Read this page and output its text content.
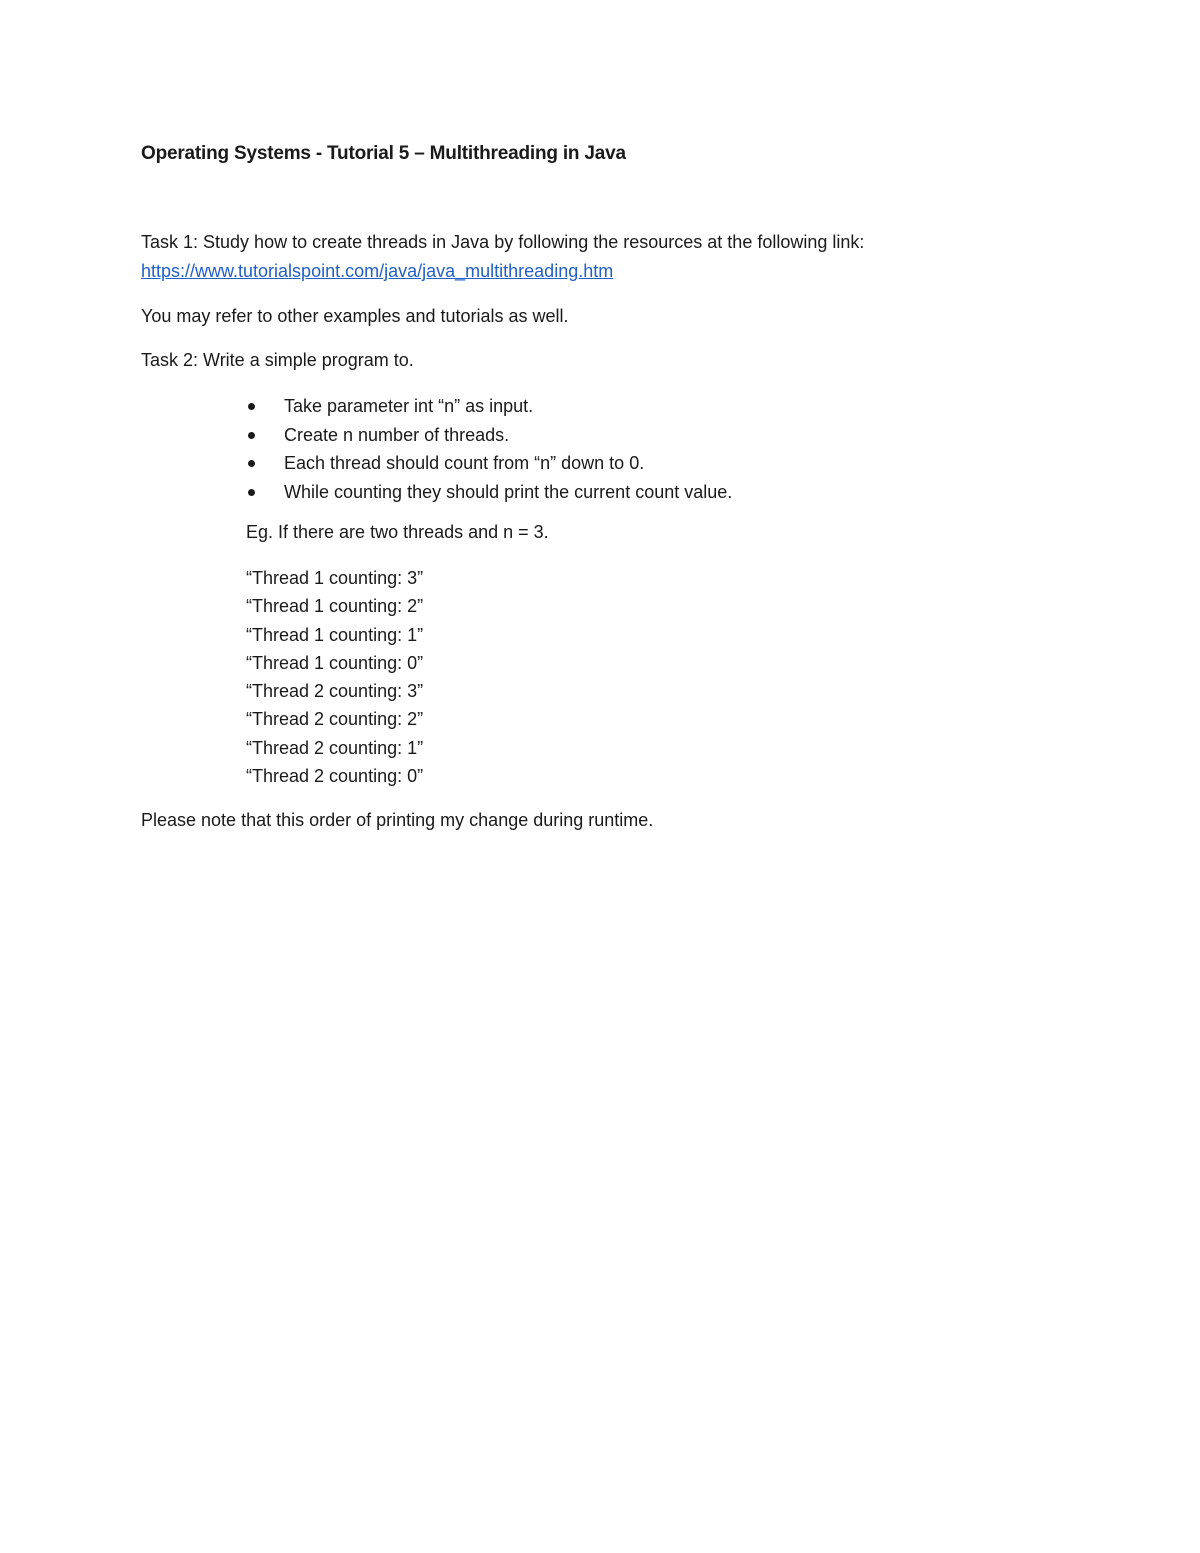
Operating Systems - Tutorial 5 – Multithreading in Java
Task 1: Study how to create threads in Java by following the resources at the following link:
https://www.tutorialspoint.com/java/java_multithreading.htm
You may refer to other examples and tutorials as well.
Task 2: Write a simple program to.
Take parameter int “n” as input.
Create n number of threads.
Each thread should count from “n” down to 0.
While counting they should print the current count value.
Eg. If there are two threads and n = 3.
“Thread 1 counting: 3”
“Thread 1 counting: 2”
“Thread 1 counting: 1”
“Thread 1 counting: 0”
“Thread 2 counting: 3”
“Thread 2 counting: 2”
“Thread 2 counting: 1”
“Thread 2 counting: 0”
Please note that this order of printing my change during runtime.
